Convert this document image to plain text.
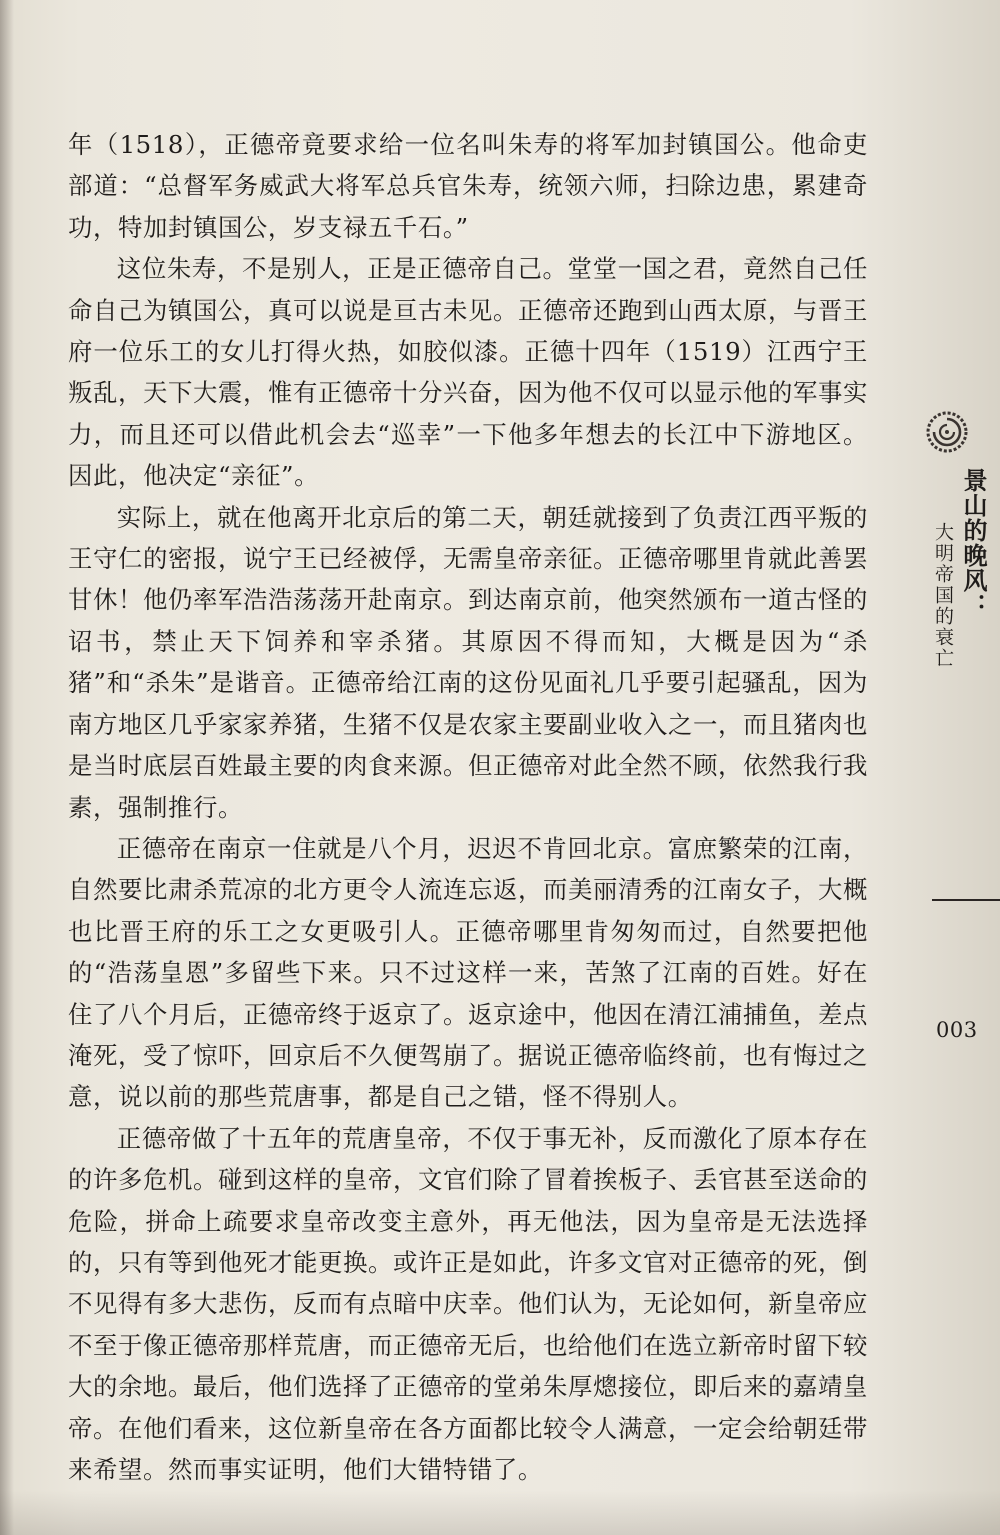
年（1518），正德帝竟要求给一位名叫朱寿的将军加封镇国公。他命吏部道：“总督军务威武大将军总兵官朱寿，统领六师，扫除边患，累建奇功，特加封镇国公，岁支禄五千石。”

这位朱寿，不是别人，正是正德帝自己。堂堂一国之君，竟然自己任命自己为镇国公，真可以说是亘古未见。正德帝还跑到山西太原，与晋王府一位乐工的女儿打得火热，如胶似漆。正德十四年（1519）江西宁王叛乱，天下大震，惟有正德帝十分兴奋，因为他不仅可以显示他的军事实力，而且还可以借此机会去“巡幸”一下他多年想去的长江中下游地区。因此，他决定“亲征”。

实际上，就在他离开北京后的第二天，朝廷就接到了负责江西平叛的王守仁的密报，说宁王已经被俘，无需皇帝亲征。正德帝哪里肯就此善罢甘休！他仍率军浩浩荡荡开赴南京。到达南京前，他突然颁布一道古怪的诏书，禁止天下饲养和宰杀猪。其原因不得而知，大概是因为“杀猪”和“杀朱”是谐音。正德帝给江南的这份见面礼几乎要引起骚乱，因为南方地区几乎家家养猪，生猪不仅是农家主要副业收入之一，而且猪肉也是当时底层百姓最主要的肉食来源。但正德帝对此全然不顾，依然我行我素，强制推行。

正德帝在南京一住就是八个月，迟迟不肯回北京。富庶繁荣的江南，自然要比肃杀荒凉的北方更令人流连忘返，而美丽清秀的江南女子，大概也比晋王府的乐工之女更吸引人。正德帝哪里肯匆匆而过，自然要把他的“浩荡皇恩”多留些下来。只不过这样一来，苦煞了江南的百姓。好在住了八个月后，正德帝终于返京了。返京途中，他因在清江浦捕鱼，差点淹死，受了惊吓，回京后不久便驾崩了。据说正德帝临终前，也有悔过之意，说以前的那些荒唐事，都是自己之错，怪不得别人。

正德帝做了十五年的荒唐皇帝，不仅于事无补，反而激化了原本存在的许多危机。碰到这样的皇帝，文官们除了冒着挨板子、丢官甚至送命的危险，拼命上疏要求皇帝改变主意外，再无他法，因为皇帝是无法选择的，只有等到他死才能更换。或许正是如此，许多文官对正德帝的死，倒不见得有多大悲伤，反而有点暗中庆幸。他们认为，无论如何，新皇帝应不至于像正德帝那样荒唐，而正德帝无后，也给他们在选立新帝时留下较大的余地。最后，他们选择了正德帝的堂弟朱厚熜接位，即后来的嘉靖皇帝。在他们看来，这位新皇帝在各方面都比较令人满意，一定会给朝廷带来希望。然而事实证明，他们大错特错了。

景山的晚风：
大明帝国的衰亡
003
